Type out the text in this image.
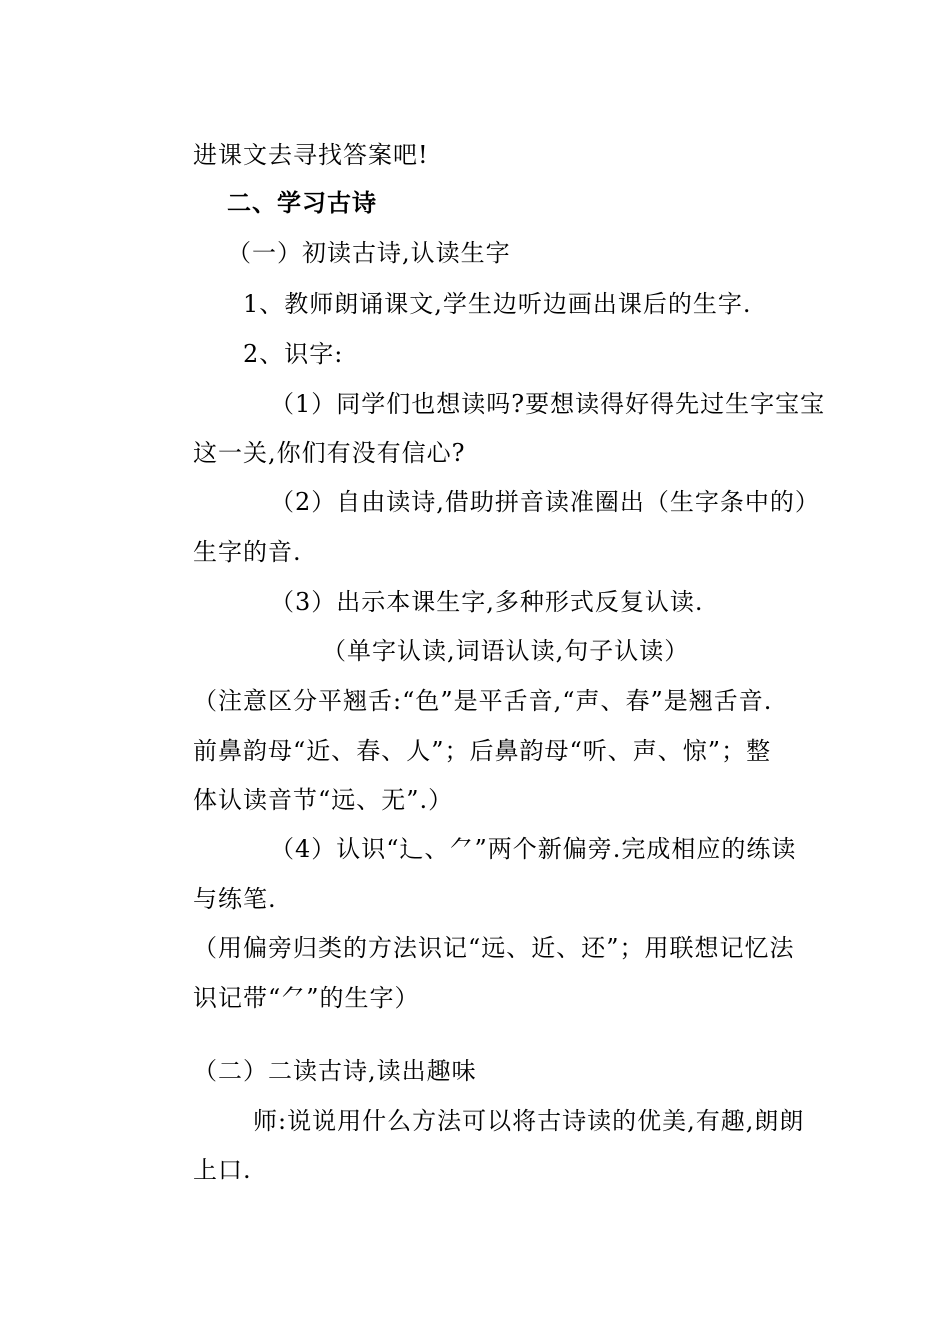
进课文去寻找答案吧!
二、学习古诗
（一）初读古诗,认读生字
1、教师朗诵课文,学生边听边画出课后的生字.
2、识字:
（1）同学们也想读吗?要想读得好得先过生字宝宝
这一关,你们有没有信心?
（2）自由读诗,借助拼音读准圈出（生字条中的）
生字的音.
（3）出示本课生字,多种形式反复认读.
（单字认读,词语认读,句子认读）
（注意区分平翘舌:“色”是平舌音,“声、春”是翘舌音.
前鼻韵母“近、春、人”；后鼻韵母“听、声、惊”；整
体认读音节“远、无”.）
（4）认识“辶、⺈”两个新偏旁.完成相应的练读
与练笔.
（用偏旁归类的方法识记“远、近、还”；用联想记忆法
识记带“⺈”的生字）
（二）二读古诗,读出趣味
师:说说用什么方法可以将古诗读的优美,有趣,朗朗
上口.
